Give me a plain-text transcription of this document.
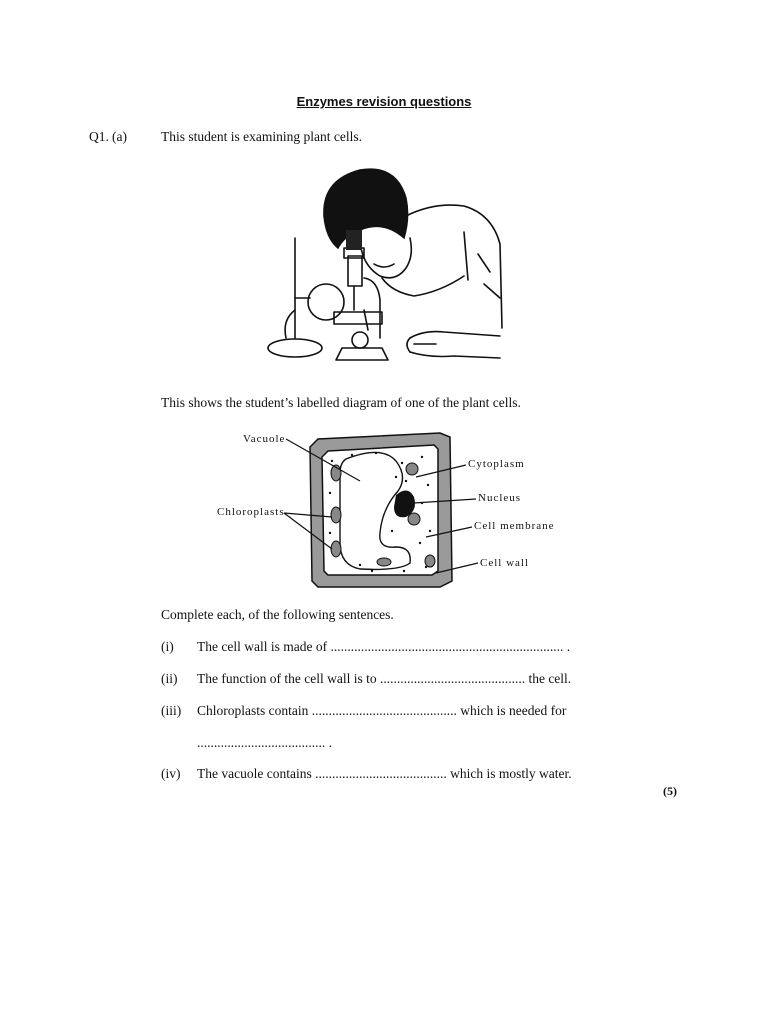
Enzymes revision questions
Q1. (a)	This student is examining plant cells.
This shows the student’s labelled diagram of one of the plant cells.
Vacuole
Chloroplasts
Cytoplasm
Nucleus
Cell membrane
Cell wall
Complete each, of the following sentences.
(i) The cell wall is made of ..................................................................... .
(ii) The function of the cell wall is to ........................................... the cell.
(iii) Chloroplasts contain ........................................... which is needed for
...................................... .
(iv) The vacuole contains ....................................... which is mostly water.
(5)
